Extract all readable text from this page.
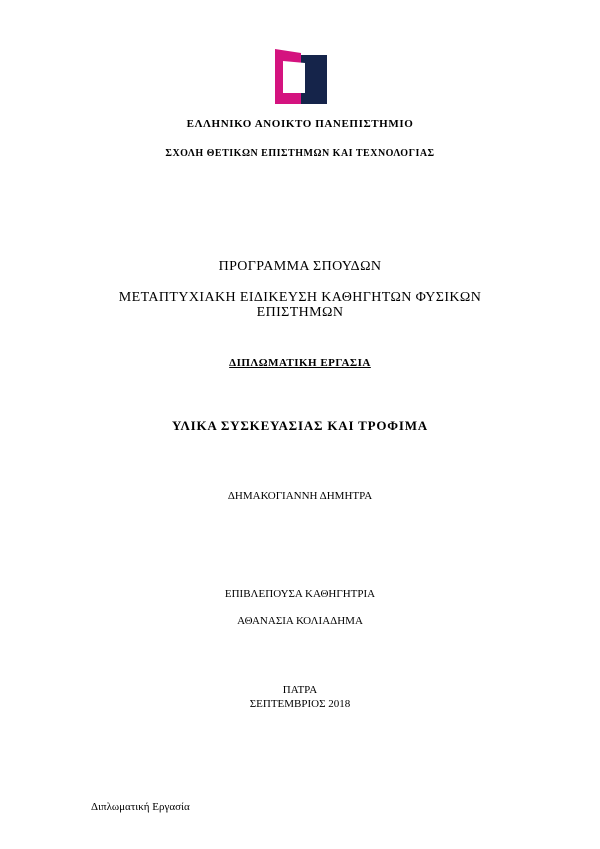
ΕΛΛΗΝΙΚΟ ΑΝΟΙΚΤΟ ΠΑΝΕΠΙΣΤΗΜΙΟ
ΣΧΟΛΗ ΘΕΤΙΚΩΝ ΕΠΙΣΤΗΜΩΝ ΚΑΙ ΤΕΧΝΟΛΟΓΙΑΣ
ΠΡΟΓΡΑΜΜΑ ΣΠΟΥΔΩΝ
ΜΕΤΑΠΤΥΧΙΑΚΗ ΕΙΔΙΚΕΥΣΗ ΚΑΘΗΓΗΤΩΝ ΦΥΣΙΚΩΝ
ΕΠΙΣΤΗΜΩΝ
ΔΙΠΛΩΜΑΤΙΚΗ ΕΡΓΑΣΙΑ
ΥΛΙΚΑ ΣΥΣΚΕΥΑΣΙΑΣ ΚΑΙ ΤΡΟΦΙΜΑ
ΔΗΜΑΚΟΓΙΑΝΝΗ ΔΗΜΗΤΡΑ
ΕΠΙΒΛΕΠΟΥΣΑ ΚΑΘΗΓΗΤΡΙΑ
ΑΘΑΝΑΣΙΑ ΚΟΛΙΑΔΗΜΑ
ΠΑΤΡΑ
ΣΕΠΤΕΜΒΡΙΟΣ 2018
Διπλωματική Εργασία
